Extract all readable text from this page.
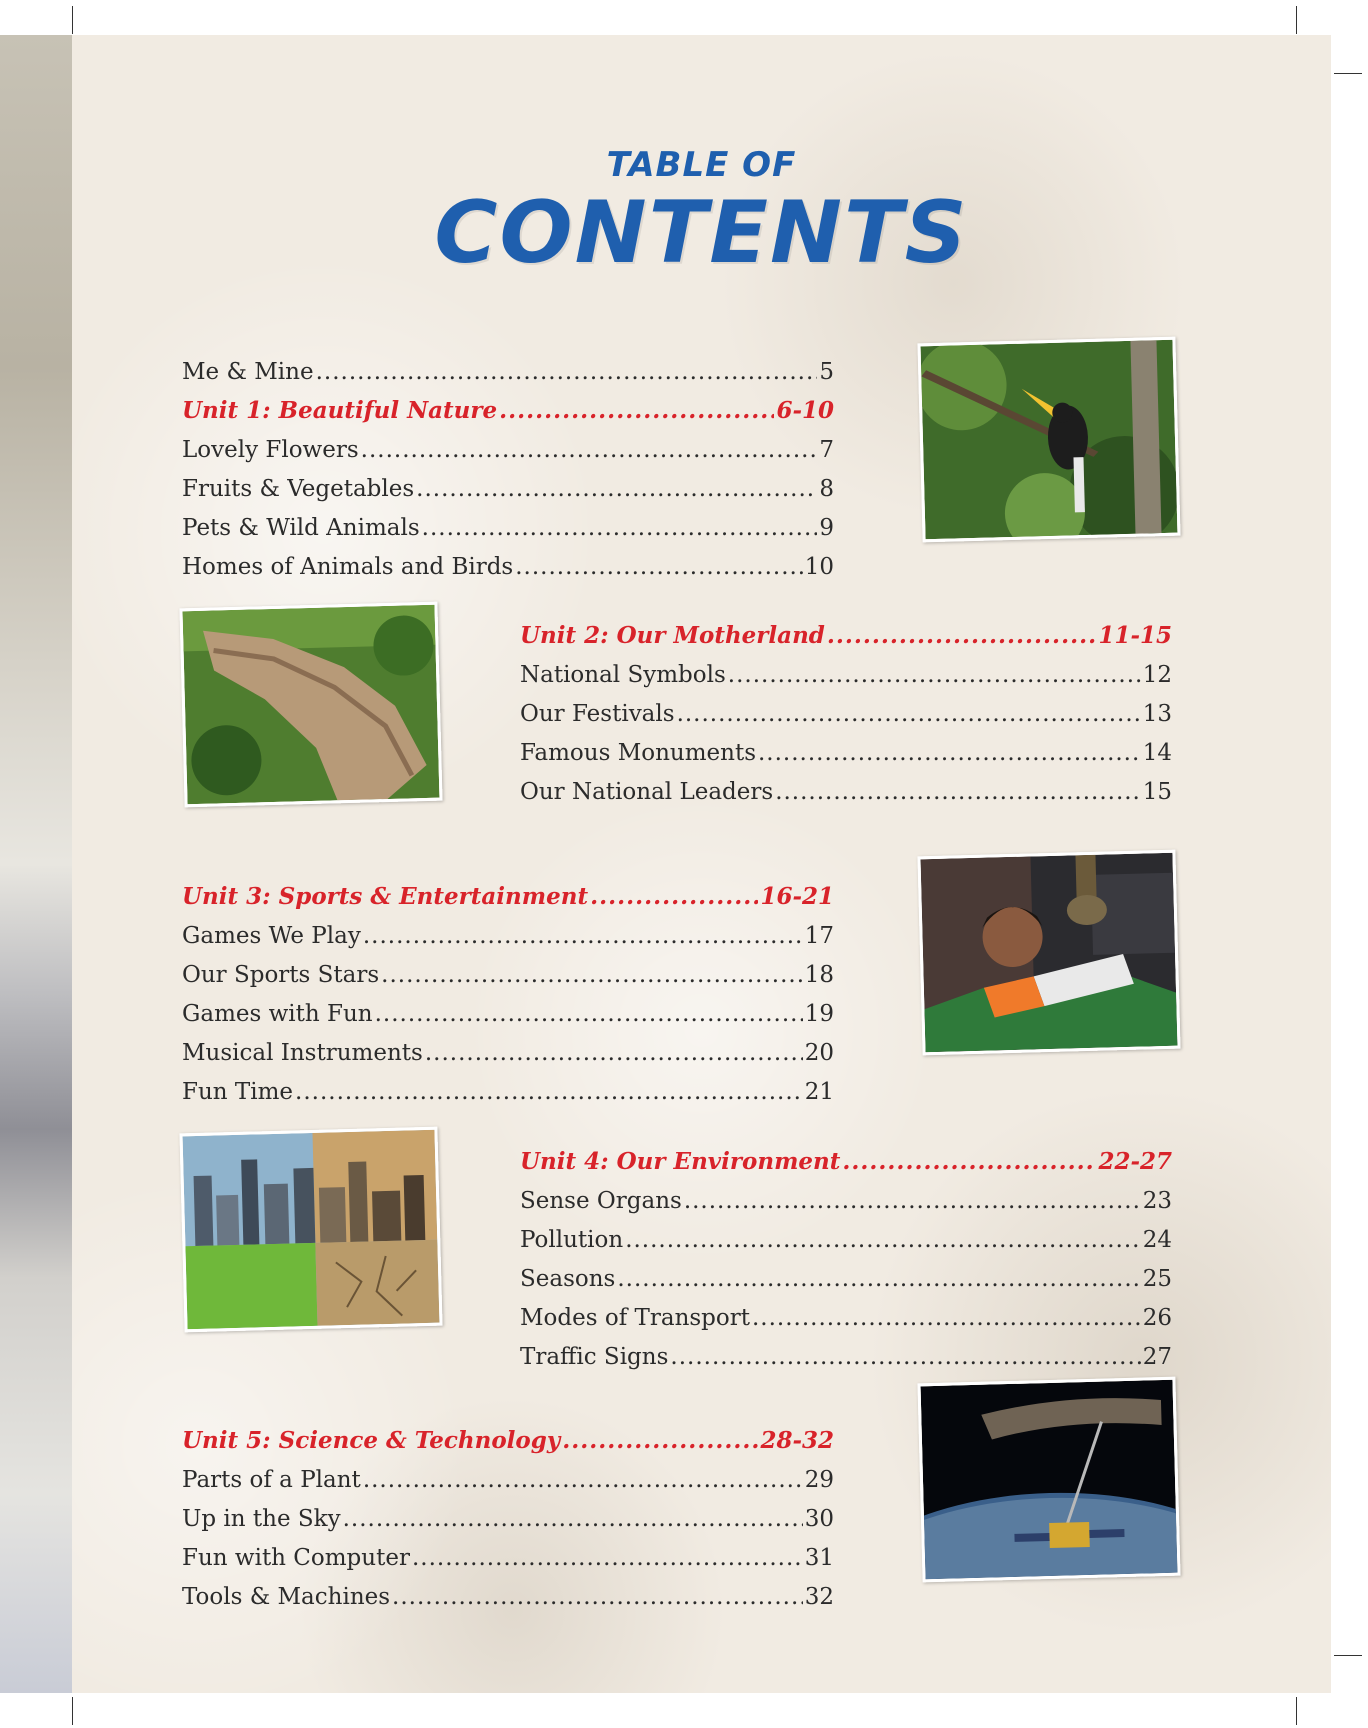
TABLE OF
CONTENTS
Me & Mine .....	5
Unit 1: Beautiful Nature .....	6-10
Lovely Flowers .....	7
Fruits & Vegetables .....	8
Pets & Wild Animals .....	9
Homes of Animals and Birds .....	10
Unit 2: Our Motherland .....	11-15
National Symbols .....	12
Our Festivals .....	13
Famous Monuments .....	14
Our National Leaders .....	15
Unit 3: Sports & Entertainment .....	16-21
Games We Play .....	17
Our Sports Stars .....	18
Games with Fun .....	19
Musical Instruments .....	20
Fun Time .....	21
Unit 4: Our Environment .....	22-27
Sense Organs .....	23
Pollution .....	24
Seasons .....	25
Modes of Transport .....	26
Traffic Signs .....	27
Unit 5: Science & Technology .....	28-32
Parts of a Plant .....	29
Up in the Sky .....	30
Fun with Computer .....	31
Tools & Machines .....	32
